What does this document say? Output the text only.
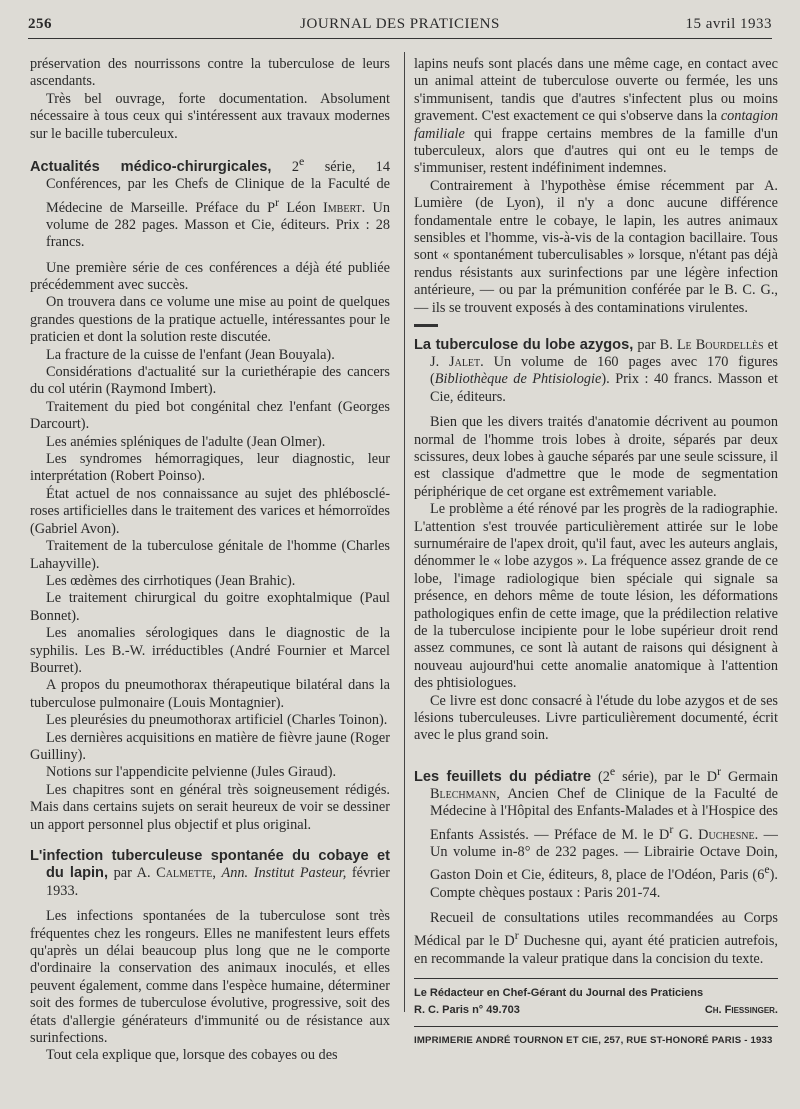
256	JOURNAL DES PRATICIENS	15 avril 1933

préservation des nourrissons contre la tuberculose de leurs ascendants.

Très bel ouvrage, forte documentation. Absolument nécessaire à tous ceux qui s'intéressent aux travaux modernes sur le bacille tuberculeux.

Actualités médico-chirurgicales, 2e série, 14 Conférences, par les Chefs de Clinique de la Faculté de Médecine de Marseille. Préface du $P^r$ Léon Imbert. Un volume de 282 pages. Masson et Cie, éditeurs. Prix : 28 francs.

Une première série de ces conférences a déjà été publiée précédemment avec succès.

On trouvera dans ce volume une mise au point de quelques grandes questions de la pratique actuelle, intéressantes pour le praticien et dont la solution reste discutée.

La fracture de la cuisse de l'enfant (Jean Bouyala).

Considérations d'actualité sur la curiethérapie des cancers du col utérin (Raymond Imbert).

Traitement du pied bot congénital chez l'enfant (Georges Darcourt).

Les anémies spléniques de l'adulte (Jean Olmer).

Les syndromes hémorragiques, leur diagnostic, leur interprétation (Robert Poinso).

État actuel de nos connaissance au sujet des phléboscléroses artificielles dans le traitement des varices et hémorroïdes (Gabriel Avon).

Traitement de la tuberculose génitale de l'homme (Charles Lahayville).

Les œdèmes des cirrhotiques (Jean Brahic).

Le traitement chirurgical du goitre exophtalmique (Paul Bonnet).

Les anomalies sérologiques dans le diagnostic de la syphilis. Les B.-W. irréductibles (André Fournier et Marcel Bourret).

A propos du pneumothorax thérapeutique bilatéral dans la tuberculose pulmonaire (Louis Montagnier).

Les pleurésies du pneumothorax artificiel (Charles Toinon).

Les dernières acquisitions en matière de fièvre jaune (Roger Guilliny).

Notions sur l'appendicite pelvienne (Jules Giraud).

Les chapitres sont en général très soigneusement rédigés. Mais dans certains sujets on serait heureux de voir se dessiner un apport personnel plus objectif et plus original.

L'infection tuberculeuse spontanée du cobaye et du lapin, par A. Calmette, Ann. Institut Pasteur, février 1933.

Les infections spontanées de la tuberculose sont très fréquentes chez les rongeurs. Elles ne manifestent leurs effets qu'après un délai beaucoup plus long que ne le comporte d'ordinaire la conservation des animaux inoculés, et elles peuvent également, comme dans l'espèce humaine, déterminer soit des formes de tuberculose évolutive, progressive, soit des états d'allergie générateurs d'immunité ou de résistance aux surinfections.

Tout cela explique que, lorsque des cobayes ou des

lapins neufs sont placés dans une même cage, en contact avec un animal atteint de tuberculose ouverte ou fermée, les uns s'immunisent, tandis que d'autres s'infectent plus ou moins gravement. C'est exactement ce qui s'observe dans la contagion familiale qui frappe certains membres de la famille d'un tuberculeux, alors que d'autres qui ont eu le temps de s'immuniser, restent indéfiniment indemnes.

Contrairement à l'hypothèse émise récemment par A. Lumière (de Lyon), il n'y a donc aucune différence fondamentale entre le cobaye, le lapin, les autres animaux sensibles et l'homme, vis-à-vis de la contagion bacillaire. Tous sont « spontanément tuberculisables » lorsque, n'étant pas déjà rendus résistants aux surinfections par une légère infection antérieure, — ou par la prémunition conférée par le B. C. G., — ils se trouvent exposés à des contaminations virulentes.

La tuberculose du lobe azygos, par B. Le Bourdellès et J. Jalet. Un volume de 160 pages avec 170 figures (Bibliothèque de Phtisiologie). Prix : 40 francs. Masson et Cie, éditeurs.

Bien que les divers traités d'anatomie décrivent au poumon normal de l'homme trois lobes à droite, séparés par deux scissures, deux lobes à gauche séparés par une seule scissure, il est classique d'admettre que le mode de segmentation périphérique de cet organe est extrêmement variable.

Le problème a été rénové par les progrès de la radiographie. L'attention s'est trouvée particulièrement attirée sur le lobe surnuméraire de l'apex droit, qu'il faut, avec les auteurs anglais, dénommer le « lobe azygos ». La fréquence assez grande de ce lobe, l'image radiologique bien spéciale qui signale sa présence, en dehors même de toute lésion, les déformations pathologiques enfin de cette image, que la prédilection relative de la tuberculose incipiente pour le lobe supérieur droit rend assez communes, ce sont là autant de raisons qui désignent à nouveau aujourd'hui cette anomalie anatomique à l'attention des phtisiologues.

Ce livre est donc consacré à l'étude du lobe azygos et de ses lésions tuberculeuses. Livre particulièrement documenté, écrit avec le plus grand soin.

Les feuillets du pédiatre (2e série), par le $D^r$ Germain Blechmann, Ancien Chef de Clinique de la Faculté de Médecine à l'Hôpital des Enfants-Malades et à l'Hospice des Enfants Assistés. — Préface de M. le $D^r$ G. Duchesne. — Un volume in-8° de 232 pages. — Librairie Octave Doin, Gaston Doin et Cie, éditeurs, 8, place de l'Odéon, Paris (6e). Compte chèques postaux : Paris 201-74.

Recueil de consultations utiles recommandées au Corps Médical par le $D^r$ Duchesne qui, ayant été praticien autrefois, en recommande la valeur pratique dans la concision du texte.

Le Rédacteur en Chef-Gérant du Journal des Praticiens
R. C. Paris n° 49.703	Ch. Fiessinger.
IMPRIMERIE ANDRÉ TOURNON ET CIE, 257, RUE ST-HONORÉ PARIS - 1933
